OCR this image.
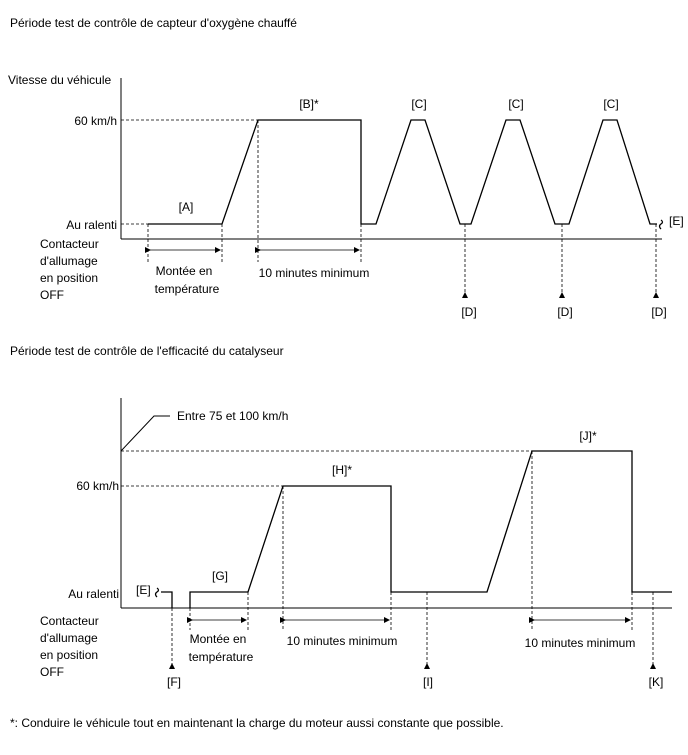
Période test de contrôle de capteur d'oxygène chauffé
Vitesse du véhicule
60 km/h
Au ralenti
Contacteur
d'allumage
en position
OFF
[A]
[B]*	[C]	[C]	[C]
[E]
Montée en
température
10 minutes minimum
[D]	[D]	[D]
Période test de contrôle de l'efficacité du catalyseur
Entre 75 et 100 km/h
60 km/h
Au ralenti
Contacteur
d'allumage
en position
OFF
[E]
[G]
[H]*
[J]*
Montée en
température
10 minutes minimum	10 minutes minimum
[F]	[I]	[K]
*: Conduire le véhicule tout en maintenant la charge du moteur aussi constante que possible.
